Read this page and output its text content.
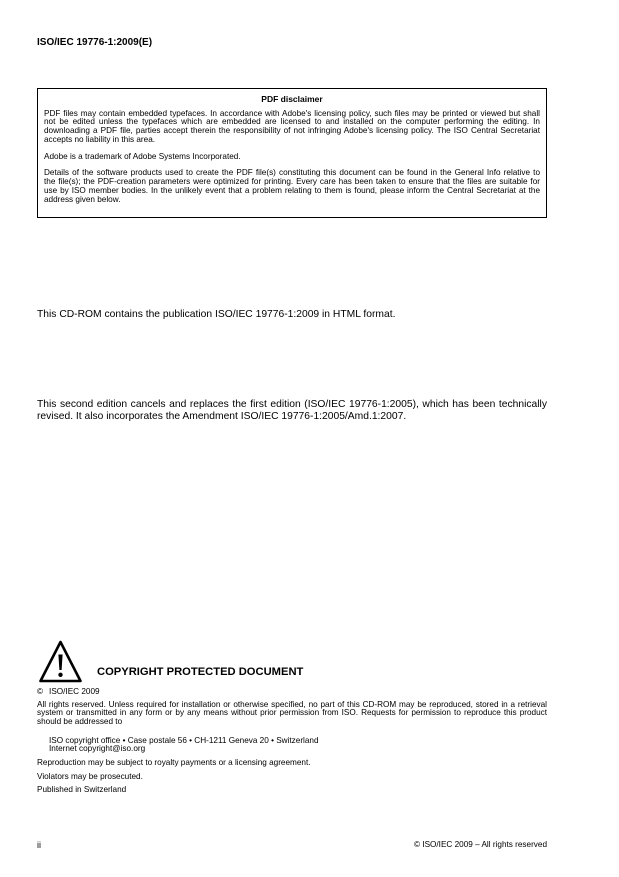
ISO/IEC 19776-1:2009(E)
PDF disclaimer
PDF files may contain embedded typefaces. In accordance with Adobe's licensing policy, such files may be printed or viewed but shall
not be edited unless the typefaces which are embedded are licensed to and installed on the computer performing the editing. In
downloading a PDF file, parties accept therein the responsibility of not infringing Adobe's licensing policy. The ISO Central Secretariat
accepts no liability in this area.
Adobe is a trademark of Adobe Systems Incorporated.
Details of the software products used to create the PDF file(s) constituting this document can be found in the General Info relative to
the file(s); the PDF-creation parameters were optimized for printing. Every care has been taken to ensure that the files are suitable for
use by ISO member bodies. In the unlikely event that a problem relating to them is found, please inform the Central Secretariat at the
address given below.
This CD-ROM contains the publication ISO/IEC 19776-1:2009 in HTML format.
This second edition cancels and replaces the first edition (ISO/IEC 19776-1:2005), which has been technically
revised. It also incorporates the Amendment ISO/IEC 19776-1:2005/Amd.1:2007.
COPYRIGHT PROTECTED DOCUMENT
© ISO/IEC 2009
All rights reserved. Unless required for installation or otherwise specified, no part of this CD-ROM may be reproduced, stored in a retrieval
system or transmitted in any form or by any means without prior permission from ISO. Requests for permission to reproduce this product
should be addressed to
ISO copyright office • Case postale 56 • CH-1211 Geneva 20 • Switzerland
Internet copyright@iso.org
Reproduction may be subject to royalty payments or a licensing agreement.
Violators may be prosecuted.
Published in Switzerland
ii	© ISO/IEC 2009 – All rights reserved
